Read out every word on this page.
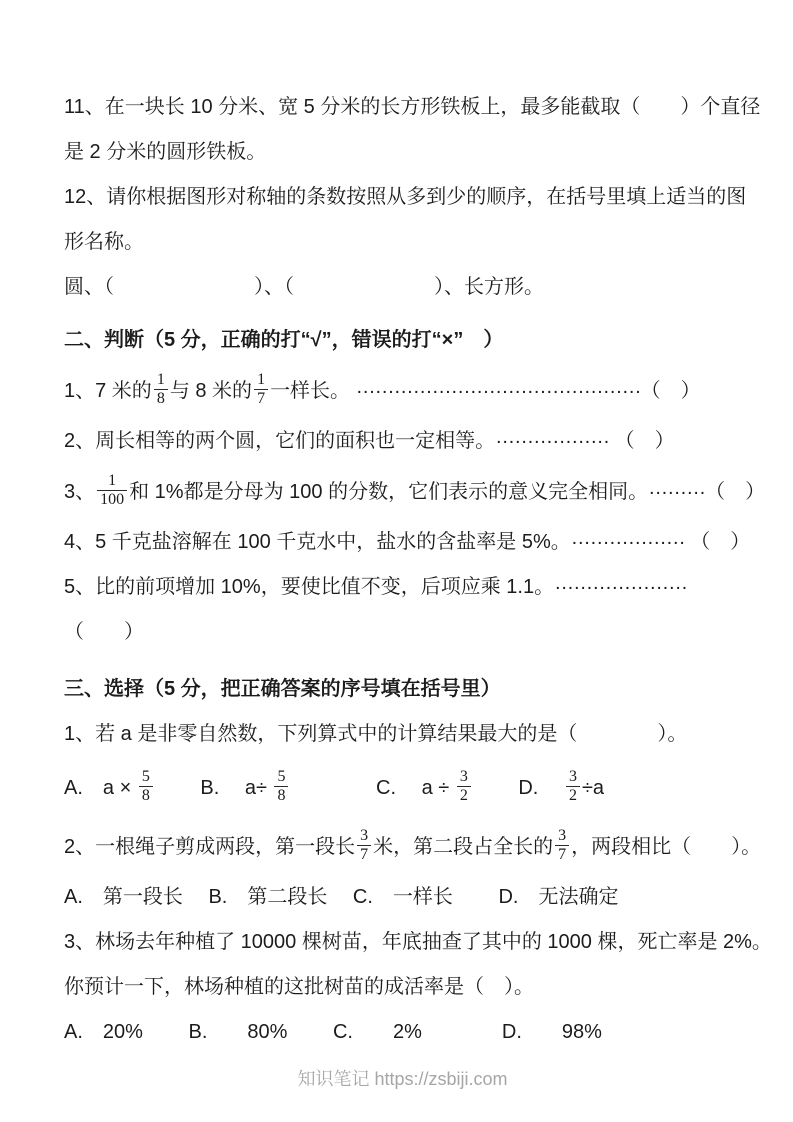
11、在一块长 10 分米、宽 5 分米的长方形铁板上，最多能截取（　　）个直径

是 2 分米的圆形铁板。

12、请你根据图形对称轴的条数按照从多到少的顺序，在括号里填上适当的图

形名称。

圆、（　　　　　　　）、（　　　　　　　）、长方形。

二、判断（5 分，正确的打“√”，错误的打“×”　）

1、7 米的 $\frac{1}{8}$ 与 8 米的 $\frac{1}{7}$ 一样长。 ………………………………………（　）

2、周长相等的两个圆，它们的面积也一定相等。……………… （　）

3、 $\frac{1}{100}$ 和 1%都是分母为 100 的分数，它们表示的意义完全相同。………（　）

4、5 千克盐溶解在 100 千克水中，盐水的含盐率是 5%。……………… （　）

5、比的前项增加 10%，要使比值不变，后项应乘 1.1。…………………

（　　）

三、选择（5 分，把正确答案的序号填在括号里）

1、若 a 是非零自然数，下列算式中的计算结果最大的是（　　　　）。

A.　$a \times \frac{5}{8}$ 　　 B.　 $a\div \frac{5}{8}$ 　　　　 C.　 $a \div \frac{3}{2}$ 　　 D.　 $\frac{3}{2} \div a$

2、一根绳子剪成两段，第一段长 $\frac{3}{7}$ 米，第二段占全长的 $\frac{3}{7}$ ，两段相比（　　）。

A.　第一段长　 B.　第二段长　 C.　一样长　　 D.　无法确定

3、林场去年种植了 10000 棵树苗，年底抽查了其中的 1000 棵，死亡率是 2%。

你预计一下，林场种植的这批树苗的成活率是（　）。

A.　20%　　 B.　　80%　　 C.　　2%　　　　D.　　98%

知识笔记 https://zsbiji.com
